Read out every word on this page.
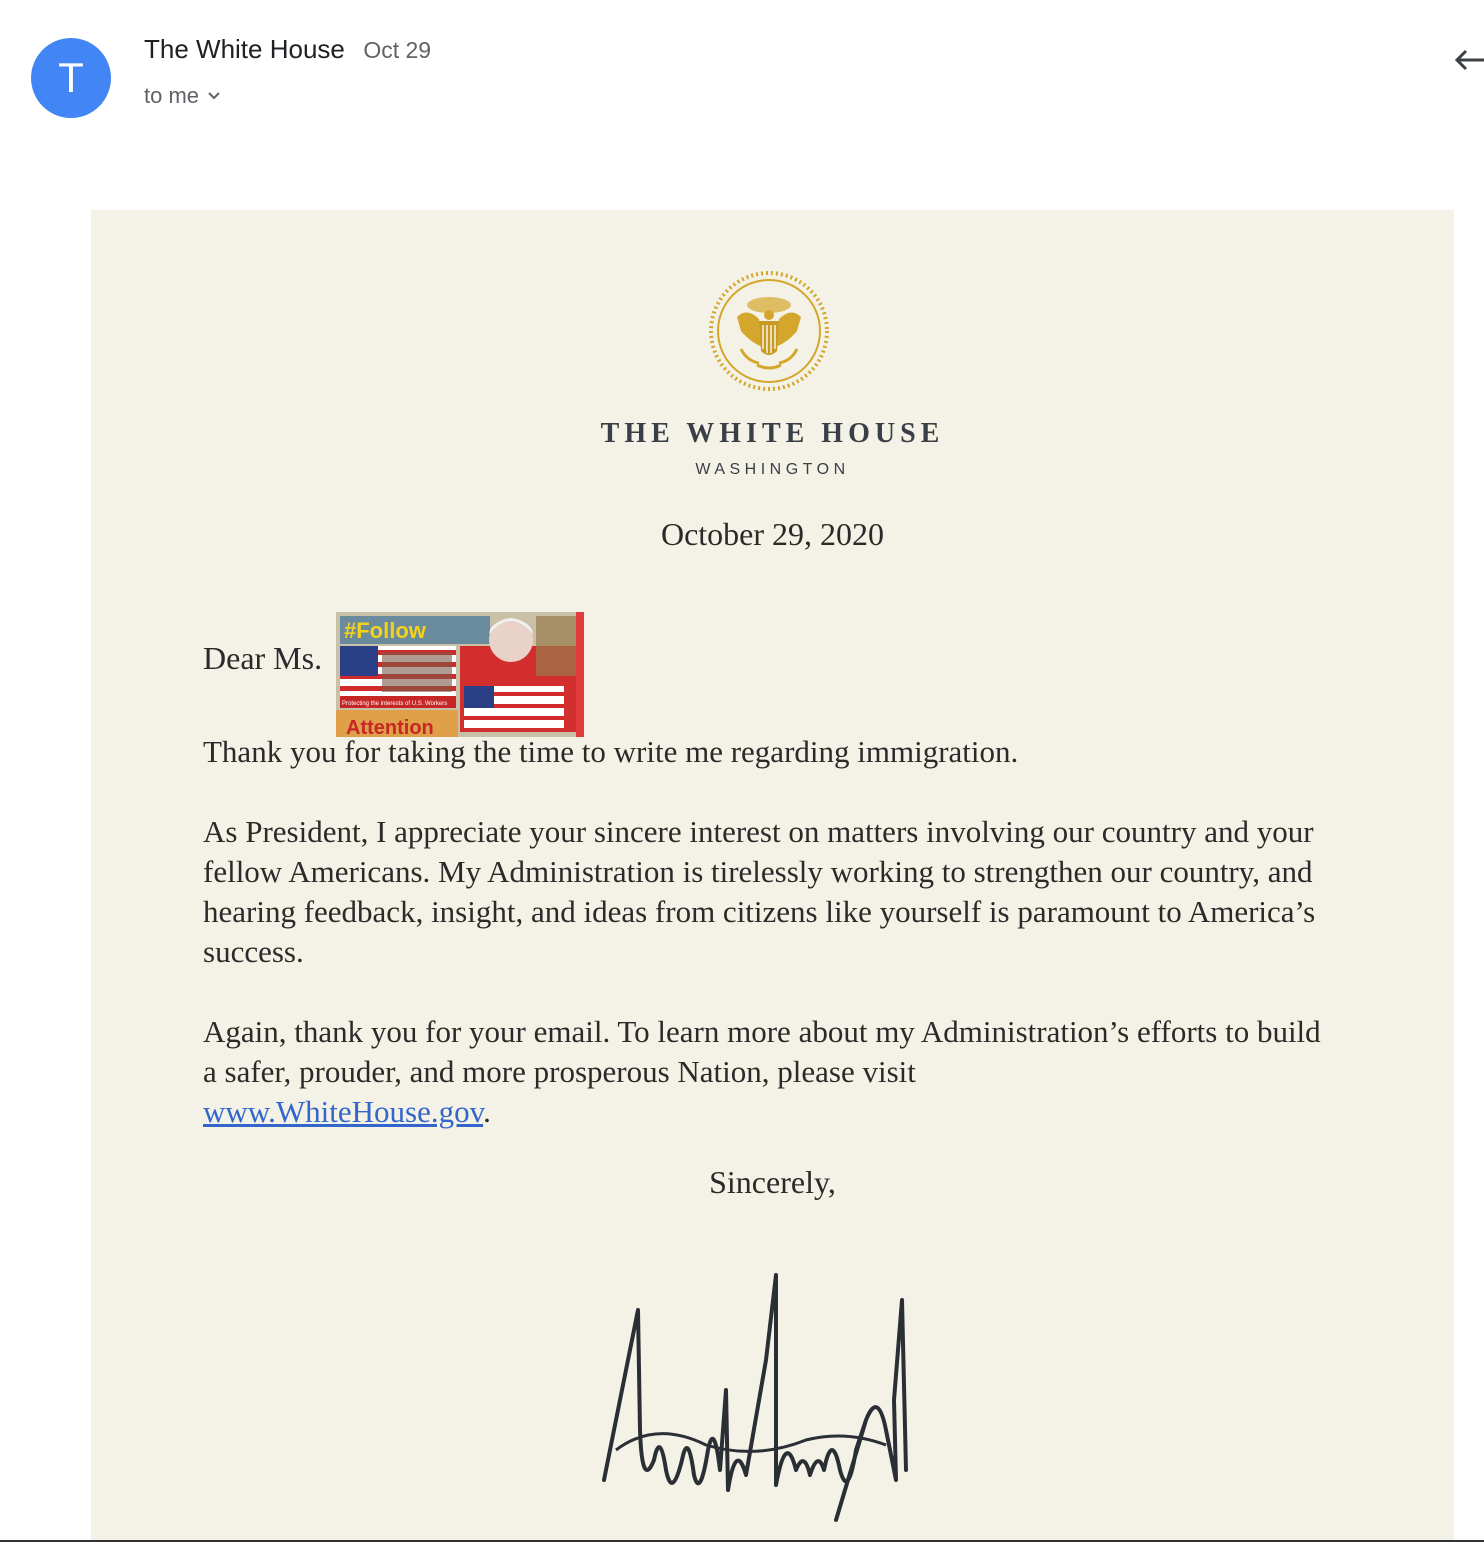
T
The White House Oct 29
to me
THE WHITE HOUSE
WASHINGTON
October 29, 2020
Dear Ms.
#Follow
Protecting the interests of U.S. Workers
Attention

Thank you for taking the time to write me regarding immigration.

As President, I appreciate your sincere interest on matters involving our country and your fellow Americans. My Administration is tirelessly working to strengthen our country, and hearing feedback, insight, and ideas from citizens like yourself is paramount to America’s success.

Again, thank you for your email. To learn more about my Administration’s efforts to build a safer, prouder, and more prosperous Nation, please visit
www.WhiteHouse.gov.

Sincerely,
